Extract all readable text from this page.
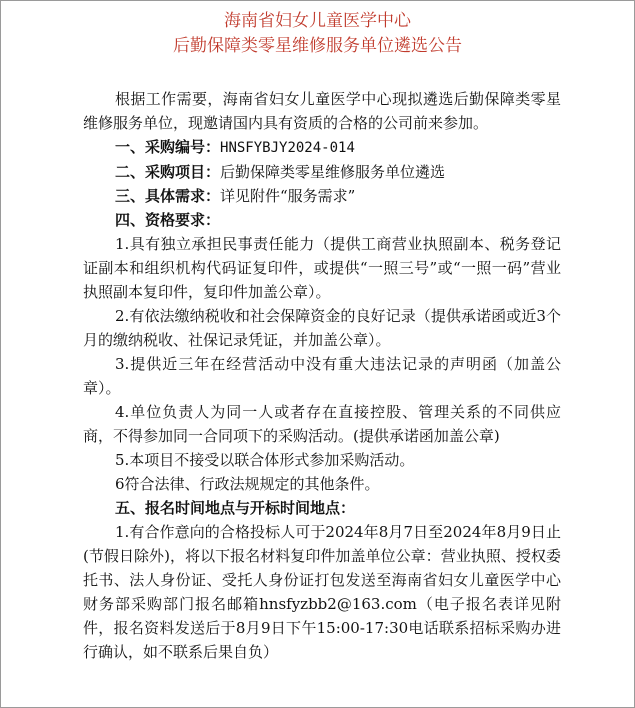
海南省妇女儿童医学中心
后勤保障类零星维修服务单位遴选公告

根据工作需要，海南省妇女儿童医学中心现拟遴选后勤保障类零星维修服务单位，现邀请国内具有资质的合格的公司前来参加。

一、采购编号：HNSFYBJY2024-014

二、采购项目：后勤保障类零星维修服务单位遴选

三、具体需求：详见附件“服务需求”

四、资格要求：

1.具有独立承担民事责任能力（提供工商营业执照副本、税务登记证副本和组织机构代码证复印件，或提供“一照三号”或“一照一码”营业执照副本复印件，复印件加盖公章）。

2.有依法缴纳税收和社会保障资金的良好记录（提供承诺函或近3个月的缴纳税收、社保记录凭证，并加盖公章）。

3.提供近三年在经营活动中没有重大违法记录的声明函（加盖公章）。

4.单位负责人为同一人或者存在直接控股、管理关系的不同供应商，不得参加同一合同项下的采购活动。(提供承诺函加盖公章)

5.本项目不接受以联合体形式参加采购活动。

6符合法律、行政法规规定的其他条件。

五、报名时间地点与开标时间地点：

1.有合作意向的合格投标人可于2024年8月7日至2024年8月9日止(节假日除外)，将以下报名材料复印件加盖单位公章：营业执照、授权委托书、法人身份证、受托人身份证打包发送至海南省妇女儿童医学中心财务部采购部门报名邮箱hnsfyzbb2@163.com（电子报名表详见附件，报名资料发送后于8月9日下午15:00-17:30电话联系招标采购办进行确认，如不联系后果自负）
